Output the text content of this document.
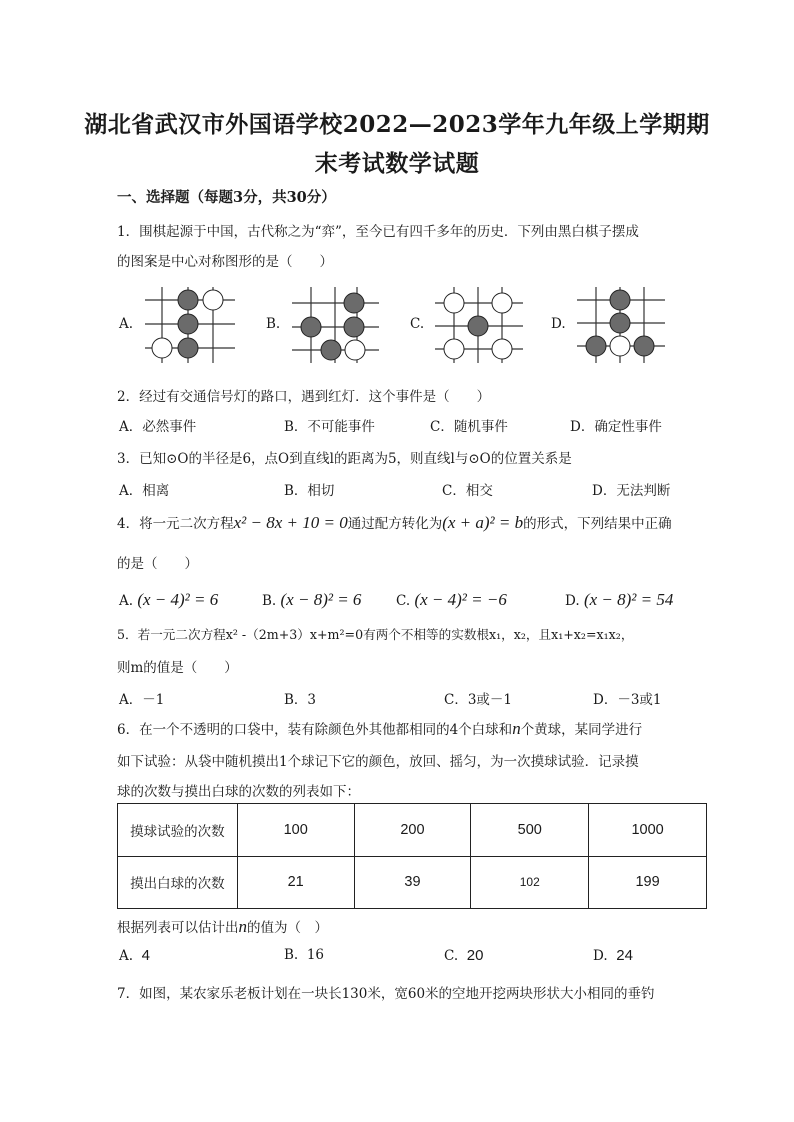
湖北省武汉市外国语学校2022—2023学年九年级上学期期
末考试数学试题
一、选择题（每题3分，共30分）
1．围棋起源于中国，古代称之为“弈”，至今已有四千多年的历史．下列由黑白棋子摆成
的图案是中心对称图形的是（　　）
A.	B.	C.	D.
2．经过有交通信号灯的路口，遇到红灯．这个事件是（　　）
A．必然事件	B．不可能事件	C．随机事件	D．确定性事件
3．已知⊙O的半径是6，点O到直线l的距离为5，则直线l与⊙O的位置关系是
A．相离	B．相切	C．相交	D．无法判断
4．将一元二次方程x² − 8x + 10 = 0通过配方转化为(x + a)² = b的形式，下列结果中正确
的是（　　）
A. (x − 4)² = 6	B. (x − 8)² = 6	C. (x − 4)² = −6	D. (x − 8)² = 54
5．若一元二次方程x² -（2m+3）x+m²=0有两个不相等的实数根x₁，x₂，且x₁+x₂=x₁x₂，
则m的值是（　　）
A．－1	B．3	C．3或－1	D．－3或1
6．在一个不透明的口袋中，装有除颜色外其他都相同的4个白球和n个黄球，某同学进行
如下试验：从袋中随机摸出1个球记下它的颜色，放回、摇匀，为一次摸球试验．记录摸
球的次数与摸出白球的次数的列表如下：
摸球试验的次数	100	200	500	1000
摸出白球的次数	21	39	102	199
根据列表可以估计出n的值为（　）
A. 4	B. 16	C. 20	D. 24
7．如图，某农家乐老板计划在一块长130米，宽60米的空地开挖两块形状大小相同的垂钓
